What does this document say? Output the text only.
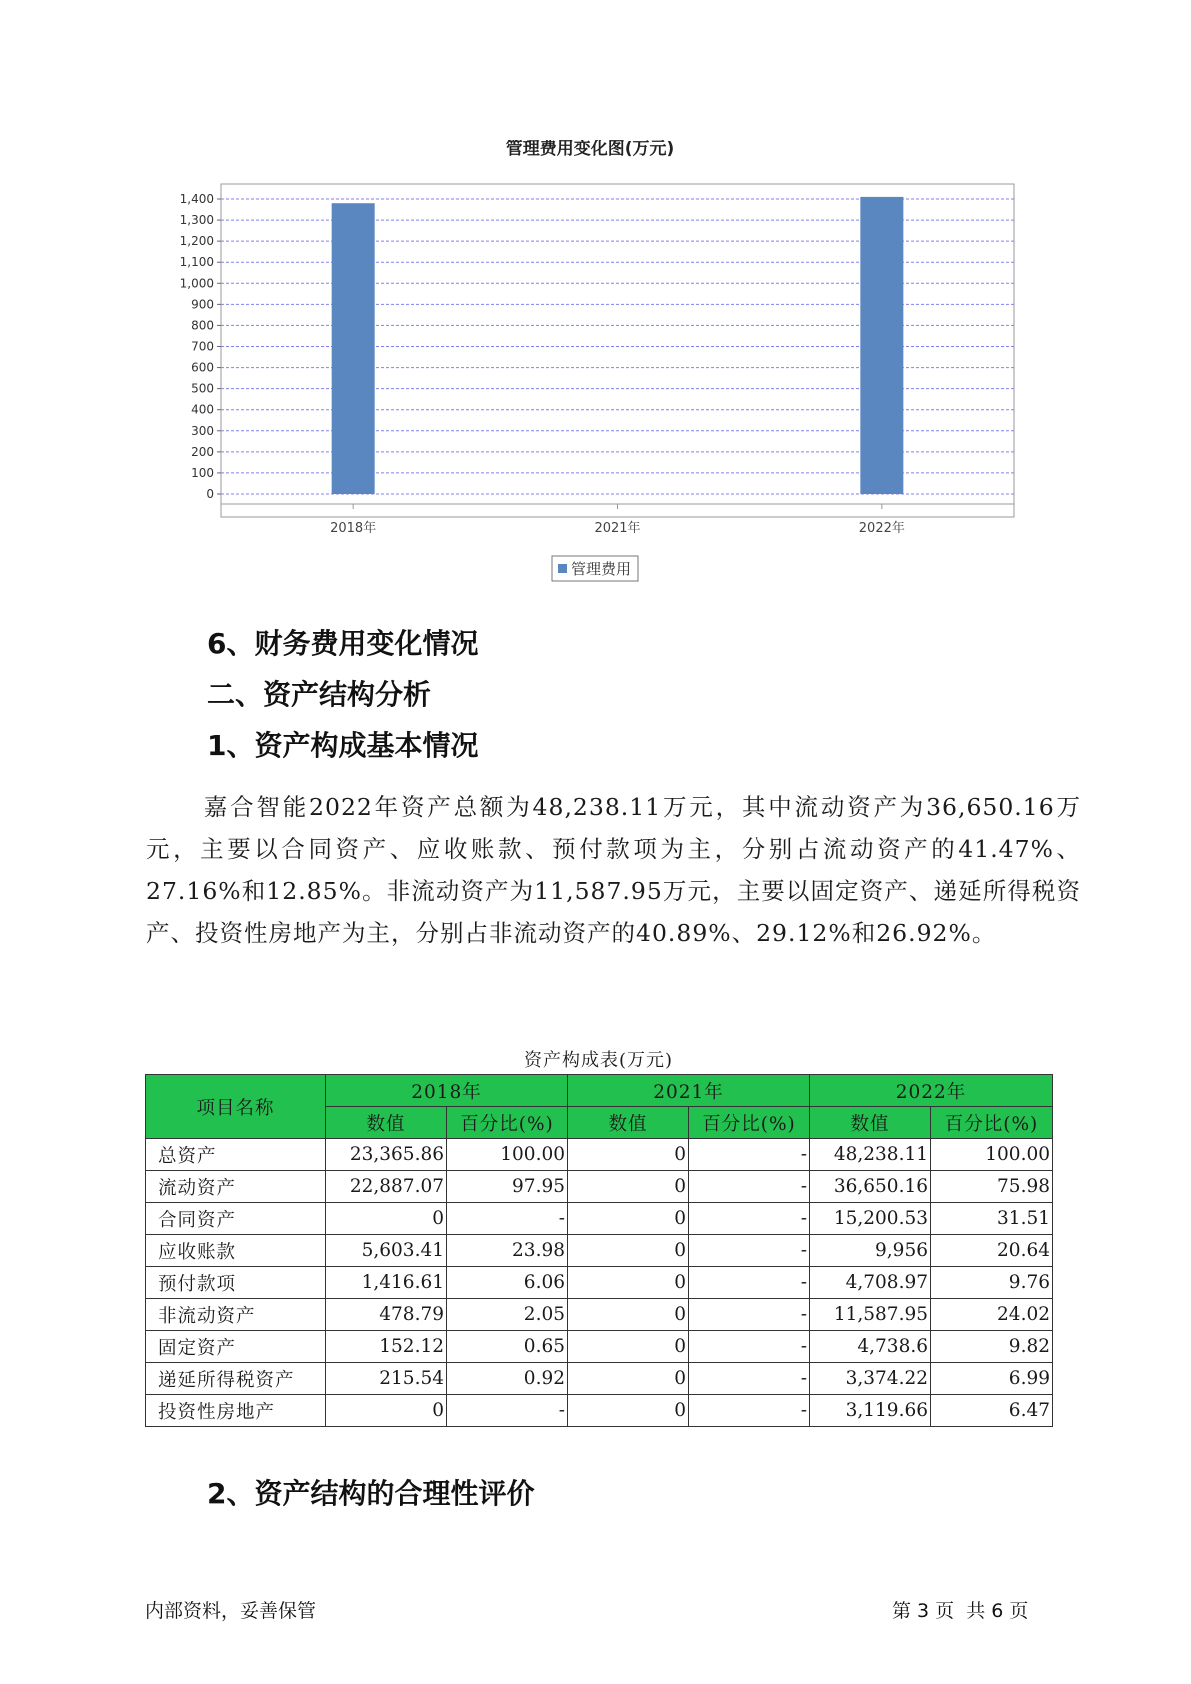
管理费用变化图(万元)
0
100
200
300
400
500
600
700
800
900
1,000
1,100
1,200
1,300
1,400
2018年	2021年	2022年
管理费用
6、财务费用变化情况
二、资产结构分析
1、资产构成基本情况
嘉合智能2022年资产总额为48,238.11万元，其中流动资产为36,650.16万元，主要以合同资产、应收账款、预付款项为主，分别占流动资产的41.47%、27.16%和12.85%。非流动资产为11,587.95万元，主要以固定资产、递延所得税资产、投资性房地产为主，分别占非流动资产的40.89%、29.12%和26.92%。
资产构成表(万元)
项目名称	2018年		2021年		2022年	
	数值	百分比(%)	数值	百分比(%)	数值	百分比(%)
总资产	23,365.86	100.00	0	-	48,238.11	100.00
流动资产	22,887.07	97.95	0	-	36,650.16	75.98
合同资产	0	-	0	-	15,200.53	31.51
应收账款	5,603.41	23.98	0	-	9,956	20.64
预付款项	1,416.61	6.06	0	-	4,708.97	9.76
非流动资产	478.79	2.05	0	-	11,587.95	24.02
固定资产	152.12	0.65	0	-	4,738.6	9.82
递延所得税资产	215.54	0.92	0	-	3,374.22	6.99
投资性房地产	0	-	0	-	3,119.66	6.47
2、资产结构的合理性评价
内部资料，妥善保管	第 3 页  共 6 页
